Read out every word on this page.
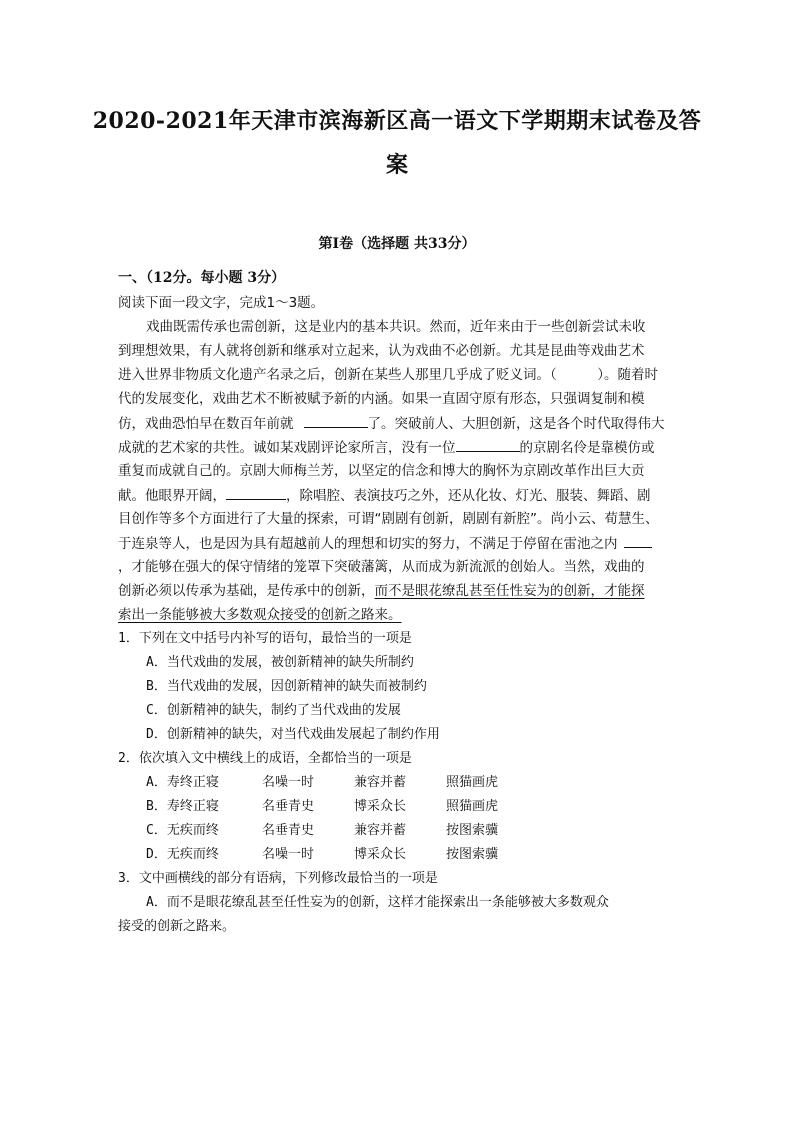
2020-2021年天津市滨海新区高一语文下学期期末试卷及答
案
第Ⅰ卷（选择题 共33分）
一、（12分。每小题 3分）
阅读下面一段文字，完成1～3题。
戏曲既需传承也需创新，这是业内的基本共识。然而，近年来由于一些创新尝试未收
到理想效果，有人就将创新和继承对立起来，认为戏曲不必创新。尤其是昆曲等戏曲艺术
进入世界非物质文化遗产名录之后，创新在某些人那里几乎成了贬义词。（　　　）。随着时
代的发展变化，戏曲艺术不断被赋予新的内涵。如果一直固守原有形态，只强调复制和模
仿，戏曲恐怕早在数百年前就	了。突破前人、大胆创新，这是各个时代取得伟大
成就的艺术家的共性。诚如某戏剧评论家所言，没有一位	的京剧名伶是靠模仿或
重复而成就自己的。京剧大师梅兰芳，以坚定的信念和博大的胸怀为京剧改革作出巨大贡
献。他眼界开阔，	，除唱腔、表演技巧之外，还从化妆、灯光、服装、舞蹈、剧
目创作等多个方面进行了大量的探索，可谓“剧剧有创新，剧剧有新腔”。尚小云、荀慧生、
于连泉等人，也是因为具有超越前人的理想和切实的努力，不满足于停留在雷池之内
，才能够在强大的保守情绪的笼罩下突破藩篱，从而成为新流派的创始人。当然，戏曲的
创新必须以传承为基础，是传承中的创新，而不是眼花缭乱甚至任性妄为的创新，才能探
索出一条能够被大多数观众接受的创新之路来。
1．下列在文中括号内补写的语句，最恰当的一项是
A．当代戏曲的发展，被创新精神的缺失所制约
B．当代戏曲的发展，因创新精神的缺失而被制约
C．创新精神的缺失，制约了当代戏曲的发展
D．创新精神的缺失，对当代戏曲发展起了制约作用
2．依次填入文中横线上的成语，全都恰当的一项是
A．寿终正寝	名噪一时	兼容并蓄	照猫画虎
B．寿终正寝	名垂青史	博采众长	照猫画虎
C．无疾而终	名垂青史	兼容并蓄	按图索骥
D．无疾而终	名噪一时	博采众长	按图索骥
3．文中画横线的部分有语病，下列修改最恰当的一项是
A．而不是眼花缭乱甚至任性妄为的创新，这样才能探索出一条能够被大多数观众
接受的创新之路来。
